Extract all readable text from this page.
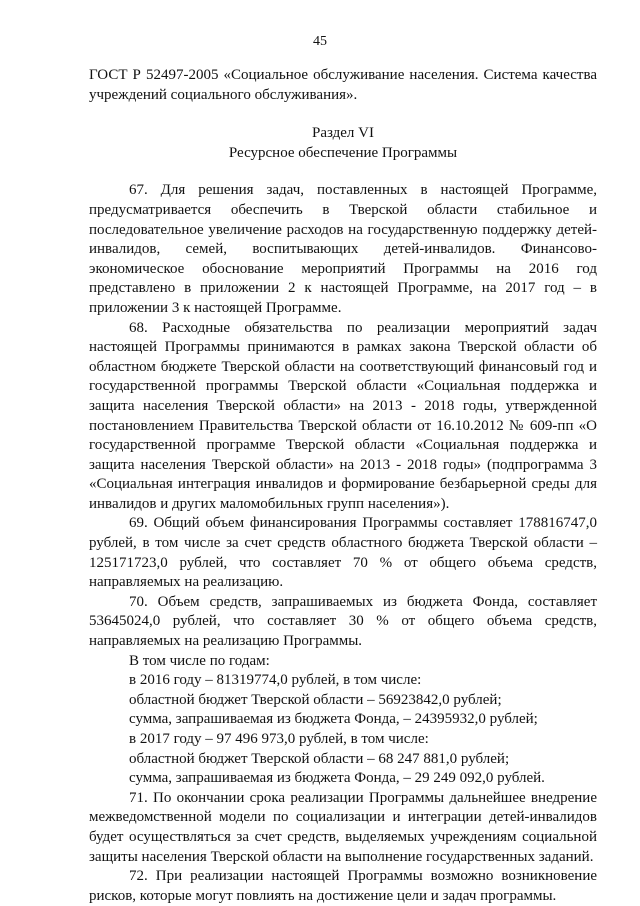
45

ГОСТ Р 52497-2005 «Социальное обслуживание населения. Система качества учреждений социального обслуживания».

Раздел VI
Ресурсное обеспечение Программы

67. Для решения задач, поставленных в настоящей Программе, предусматривается обеспечить в Тверской области стабильное и последовательное увеличение расходов на государственную поддержку детей-инвалидов, семей, воспитывающих детей-инвалидов. Финансово-экономическое обоснование мероприятий Программы на 2016 год представлено в приложении 2 к настоящей Программе, на 2017 год – в приложении 3 к настоящей Программе.

68. Расходные обязательства по реализации мероприятий задач настоящей Программы принимаются в рамках закона Тверской области об областном бюджете Тверской области на соответствующий финансовый год и государственной программы Тверской области «Социальная поддержка и защита населения Тверской области» на 2013 - 2018 годы, утвержденной постановлением Правительства Тверской области от 16.10.2012 № 609-пп «О государственной программе Тверской области «Социальная поддержка и защита населения Тверской области» на 2013 - 2018 годы» (подпрограмма 3 «Социальная интеграция инвалидов и формирование безбарьерной среды для инвалидов и других маломобильных групп населения»).

69. Общий объем финансирования Программы составляет 178816747,0 рублей, в том числе за счет средств областного бюджета Тверской области – 125171723,0 рублей, что составляет 70 % от общего объема средств, направляемых на реализацию.

70. Объем средств, запрашиваемых из бюджета Фонда, составляет 53645024,0 рублей, что составляет 30 % от общего объема средств, направляемых на реализацию Программы.

В том числе по годам:
в 2016 году – 81319774,0 рублей, в том числе:
областной бюджет Тверской области – 56923842,0 рублей;
сумма, запрашиваемая из бюджета Фонда, – 24395932,0 рублей;
в 2017 году – 97 496 973,0 рублей, в том числе:
областной бюджет Тверской области – 68 247 881,0 рублей;
сумма, запрашиваемая из бюджета Фонда, – 29 249 092,0 рублей.

71. По окончании срока реализации Программы дальнейшее внедрение межведомственной модели по социализации и интеграции детей-инвалидов будет осуществляться за счет средств, выделяемых учреждениям социальной защиты населения Тверской области на выполнение государственных заданий.

72. При реализации настоящей Программы возможно возникновение рисков, которые могут повлиять на достижение цели и задач программы.
